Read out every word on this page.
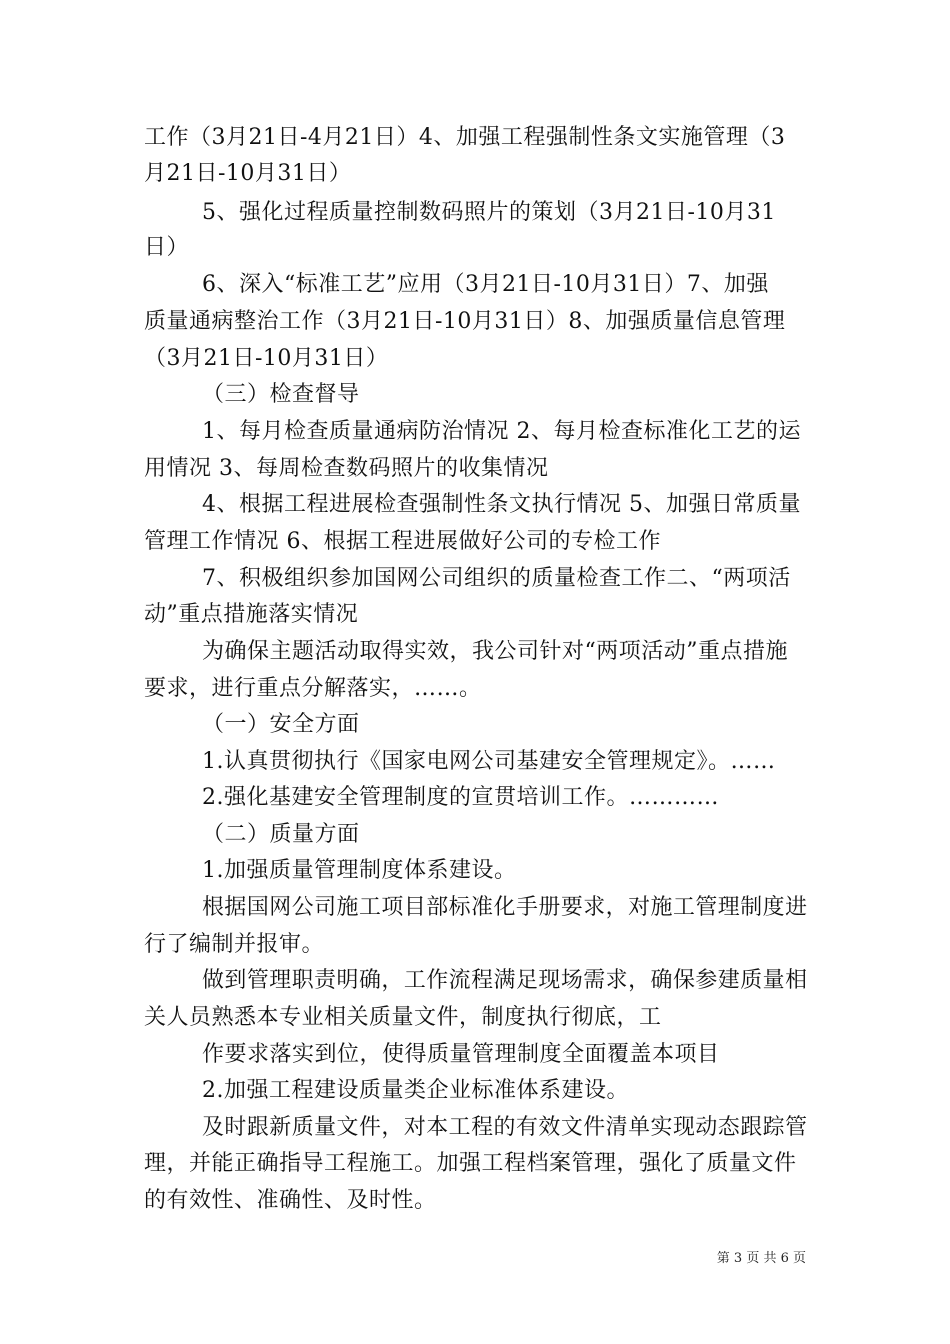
工作（3月21日-4月21日）4、加强工程强制性条文实施管理（3
月21日-10月31日）
5、强化过程质量控制数码照片的策划（3月21日-10月31
日）
6、深入“标准工艺”应用（3月21日-10月31日）7、加强
质量通病整治工作（3月21日-10月31日）8、加强质量信息管理
（3月21日-10月31日）
（三）检查督导
1、每月检查质量通病防治情况 2、每月检查标准化工艺的运
用情况 3、每周检查数码照片的收集情况
4、根据工程进展检查强制性条文执行情况 5、加强日常质量
管理工作情况 6、根据工程进展做好公司的专检工作
7、积极组织参加国网公司组织的质量检查工作二、“两项活
动”重点措施落实情况
为确保主题活动取得实效，我公司针对“两项活动”重点措施
要求，进行重点分解落实，……。
（一）安全方面
1.认真贯彻执行《国家电网公司基建安全管理规定》。……
2.强化基建安全管理制度的宣贯培训工作。…………
（二）质量方面
1.加强质量管理制度体系建设。
根据国网公司施工项目部标准化手册要求，对施工管理制度进
行了编制并报审。
做到管理职责明确，工作流程满足现场需求，确保参建质量相
关人员熟悉本专业相关质量文件，制度执行彻底，工
作要求落实到位，使得质量管理制度全面覆盖本项目
2.加强工程建设质量类企业标准体系建设。
及时跟新质量文件，对本工程的有效文件清单实现动态跟踪管
理，并能正确指导工程施工。加强工程档案管理，强化了质量文件
的有效性、准确性、及时性。
第 3 页 共 6 页
